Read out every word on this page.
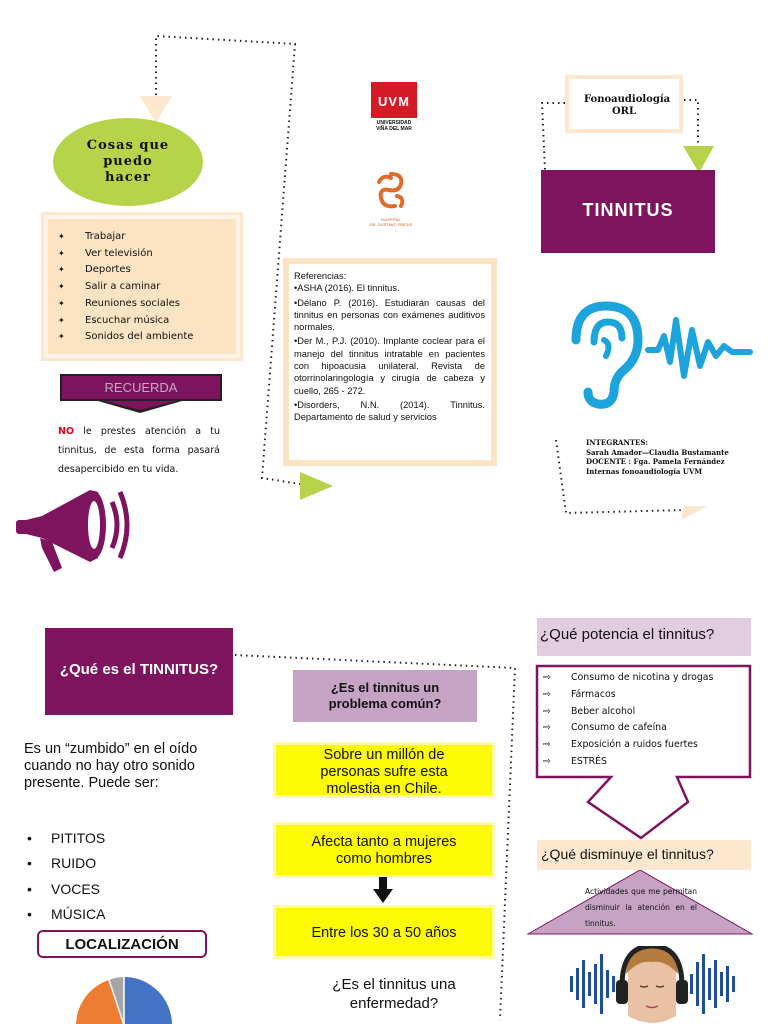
Cosas que puedo hacer
✦ Trabajar
✦ Ver televisión
✦ Deportes
✦ Salir a caminar
✦ Reuniones sociales
✦ Escuchar música
✦ Sonidos del ambiente
RECUERDA
NO le prestes atención a tu tinnitus, de esta forma pasará desapercibido en tu vida.
UVM
UNIVERSIDAD VIÑA DEL MAR
HOSPITAL
DR. GUSTAVO FRICKE

Referencias:

•ASHA (2016). El tinnitus.

•Délano P. (2016). Estudiarán causas del tinnitus en personas con exámenes auditivos normales.

•Der M., P.J. (2010). Implante coclear para el manejo del tinnitus intratable en pacientes con hipoacusia unilateral. Revista de otorrinolaringología y cirugía de cabeza y cuello, 265 - 272.

•Disorders, N.N. (2014). Tinnitus. Departamento de salud y servicios

Fonoaudiología ORL
TINNITUS
INTEGRANTES:
Sarah Amador—Claudia Bustamante
DOCENTE : Fga. Pamela Fernández
Internas fonoaudiología UVM
¿Qué es el TINNITUS?
Es un “zumbido” en el oído cuando no hay otro sonido presente. Puede ser:
• PITITOS
• RUIDO
• VOCES
• MÚSICA
LOCALIZACIÓN
¿Es el tinnitus un problema común?
Sobre un millón de personas sufre esta molestia en Chile.
Afecta tanto a mujeres como hombres
Entre los 30 a 50 años
¿Es el tinnitus una enfermedad?
¿Qué potencia el tinnitus?
⇨ Consumo de nicotina y drogas
⇨ Fármacos
⇨ Beber alcohol
⇨ Consumo de cafeína
⇨ Exposición a ruidos fuertes
⇨ ESTRÉS
¿Qué disminuye el tinnitus?
Actividades que me permitan disminuir la atención en el tinnitus.
